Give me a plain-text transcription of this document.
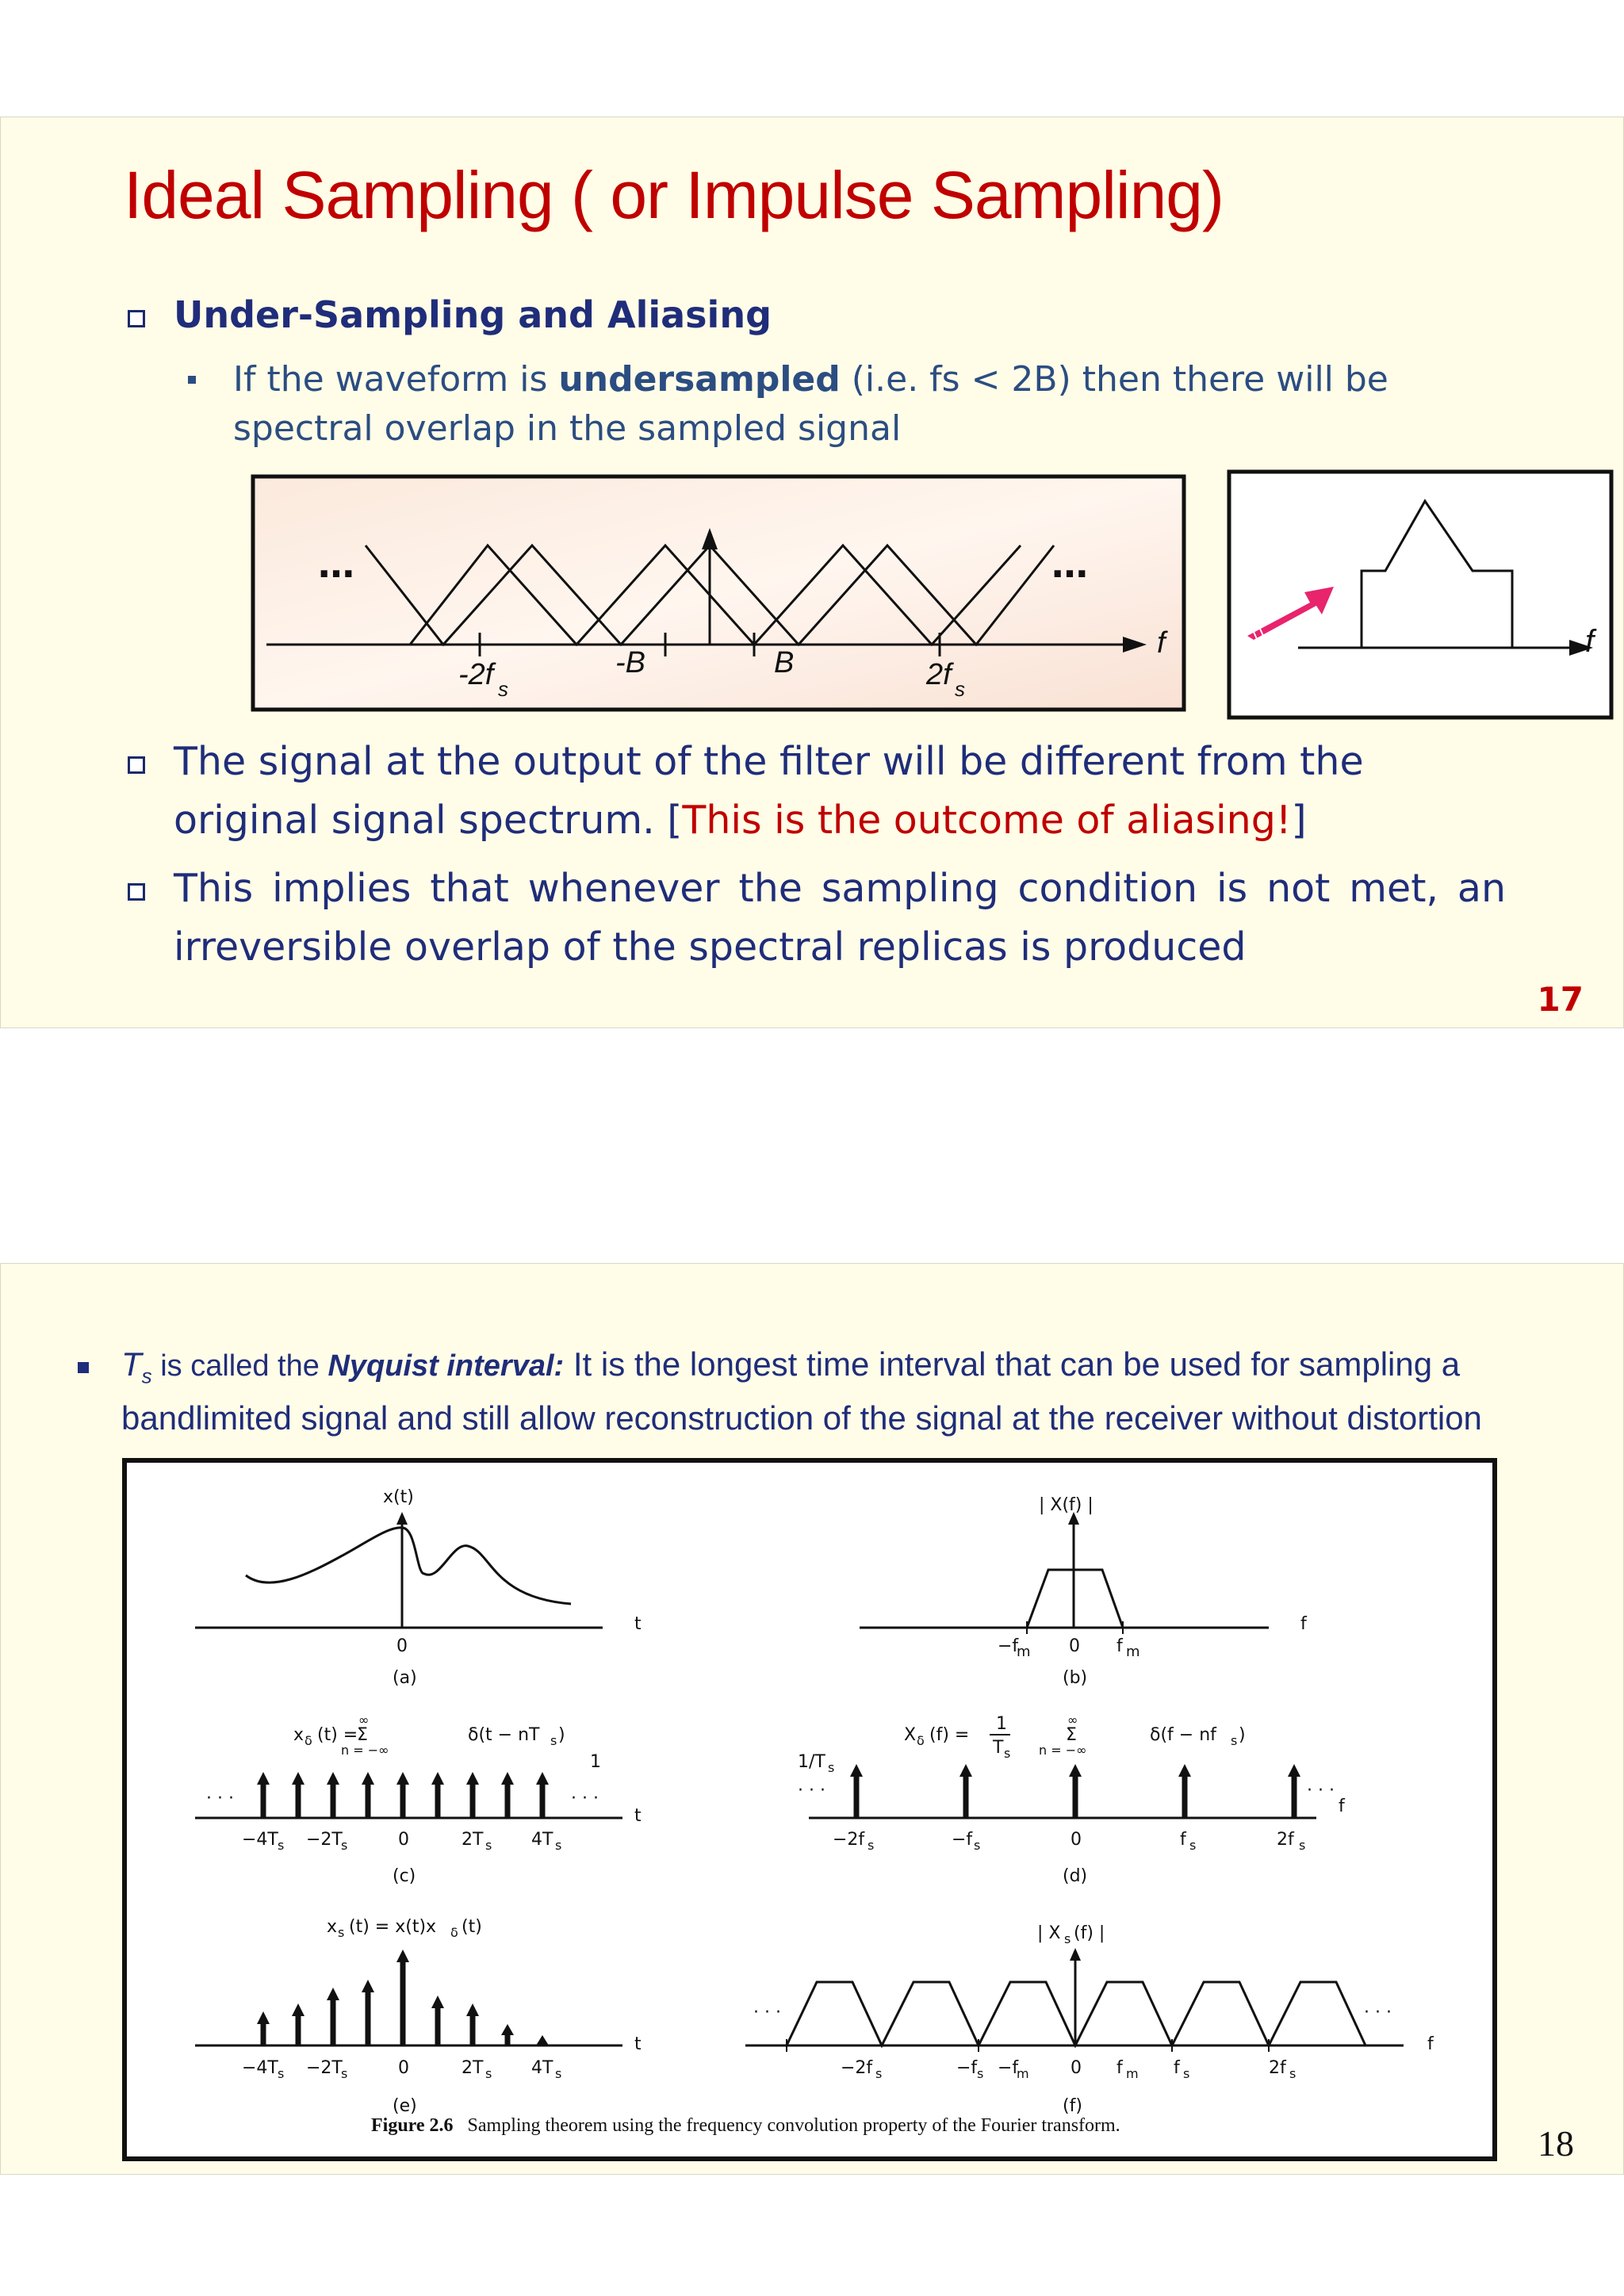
Ideal Sampling ( or Impulse Sampling)
Under-Sampling and Aliasing
If the waveform is undersampled (i.e. fs < 2B) then there will be spectral overlap in the sampled signal
…	…
f
-2f s
-B	B	2f s
f
The signal at the output of the filter will be different from the original signal spectrum. [This is the outcome of aliasing!]
This implies that whenever the sampling condition is not met, an irreversible overlap of the spectral replicas is produced
17
$T_s$ is called the Nyquist interval: It is the longest time interval that can be used for sampling a bandlimited signal and still allow reconstruction of the signal at the receiver without distortion
x(t)
t
0
(a)
| X(f) |
f
−f
m 0 f m
(b)
x δ (t) =
∞
Σ
n = −∞
δ(t − nT s )
1
t
· · ·	· · ·
−4T s −2T
s	0	2T s 4T s
(c)
X δ (f) =
1
T s
∞
Σ
n = −∞
δ(f − nf s )
1/T s
· · ·	· · ·
f
−2f s	−f s	0	f s	2f s
(d)
x s (t) = x(t)x δ (t)
t
−4T s −2T
s	0	2T s 4T s
(e)
| X s (f) |
· · ·	· · ·
f
−2f s	−f s −f
m 0 f m f s	2f s
(f)
Figure 2.6 Sampling theorem using the frequency convolution property of the Fourier transform.	18
